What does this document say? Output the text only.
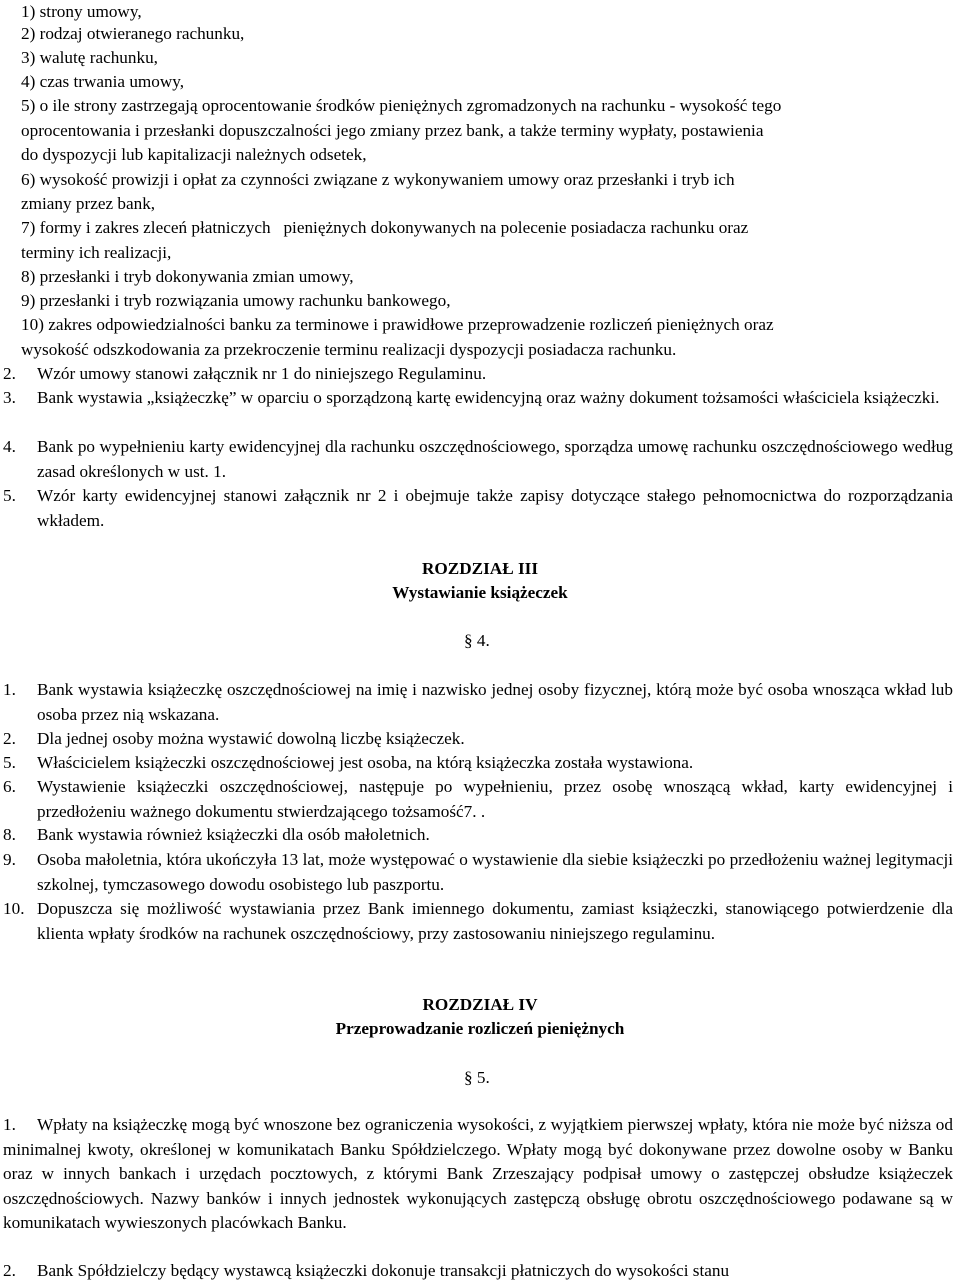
1) strony umowy,
2) rodzaj otwieranego rachunku,
3) walutę rachunku,
4) czas trwania umowy,
5) o ile strony zastrzegają oprocentowanie środków pieniężnych zgromadzonych na rachunku - wysokość tego
oprocentowania i przesłanki dopuszczalności jego zmiany przez bank, a także terminy wypłaty, postawienia
do dyspozycji lub kapitalizacji należnych odsetek,
6) wysokość prowizji i opłat za czynności związane z wykonywaniem umowy oraz przesłanki i tryb ich
zmiany przez bank,
7) formy i zakres zleceń płatniczych   pieniężnych dokonywanych na polecenie posiadacza rachunku oraz
terminy ich realizacji,
8) przesłanki i tryb dokonywania zmian umowy,
9) przesłanki i tryb rozwiązania umowy rachunku bankowego,
10) zakres odpowiedzialności banku za terminowe i prawidłowe przeprowadzenie rozliczeń pieniężnych oraz
wysokość odszkodowania za przekroczenie terminu realizacji dyspozycji posiadacza rachunku.
2. Wzór umowy stanowi załącznik nr 1 do niniejszego Regulaminu.
3. Bank wystawia „książeczkę” w oparciu o sporządzoną kartę ewidencyjną oraz ważny dokument tożsamości właściciela książeczki.
4. Bank po wypełnieniu karty ewidencyjnej dla rachunku oszczędnościowego, sporządza umowę rachunku oszczędnościowego według zasad określonych w ust. 1.
5. Wzór karty ewidencyjnej stanowi załącznik nr 2 i obejmuje także zapisy dotyczące stałego pełnomocnictwa do rozporządzania wkładem.
ROZDZIAŁ III
Wystawianie książeczek
§ 4.
1. Bank wystawia książeczkę oszczędnościowej na imię i nazwisko jednej osoby fizycznej, którą może być osoba wnosząca wkład lub osoba przez nią wskazana.
2. Dla jednej osoby można wystawić dowolną liczbę książeczek.
5. Właścicielem książeczki oszczędnościowej jest osoba, na którą książeczka została wystawiona.
6. Wystawienie książeczki oszczędnościowej, następuje po wypełnieniu, przez osobę wnoszącą wkład, karty ewidencyjnej i przedłożeniu ważnego dokumentu stwierdzającego tożsamość7. .
8. Bank wystawia również książeczki dla osób małoletnich.
9. Osoba małoletnia, która ukończyła 13 lat, może występować o wystawienie dla siebie książeczki po przedłożeniu ważnej legitymacji szkolnej, tymczasowego dowodu osobistego lub paszportu.
10. Dopuszcza się możliwość wystawiania przez Bank imiennego dokumentu, zamiast książeczki, stanowiącego potwierdzenie dla klienta wpłaty środków na rachunek oszczędnościowy, przy zastosowaniu niniejszego regulaminu.
ROZDZIAŁ IV
Przeprowadzanie rozliczeń pieniężnych
§ 5.
1. Wpłaty na książeczkę mogą być wnoszone bez ograniczenia wysokości, z wyjątkiem pierwszej wpłaty, która nie może być niższa od minimalnej kwoty, określonej w komunikatach Banku Spółdzielczego. Wpłaty mogą być dokonywane przez dowolne osoby w Banku oraz w innych bankach i urzędach pocztowych, z którymi Bank Zrzeszający podpisał umowy o zastępczej obsłudze książeczek oszczędnościowych. Nazwy banków i innych jednostek wykonujących zastępczą obsługę obrotu oszczędnościowego podawane są w komunikatach wywieszonych placówkach Banku.
2. Bank Spółdzielczy będący wystawcą książeczki dokonuje transakcji płatniczych do wysokości stanu
